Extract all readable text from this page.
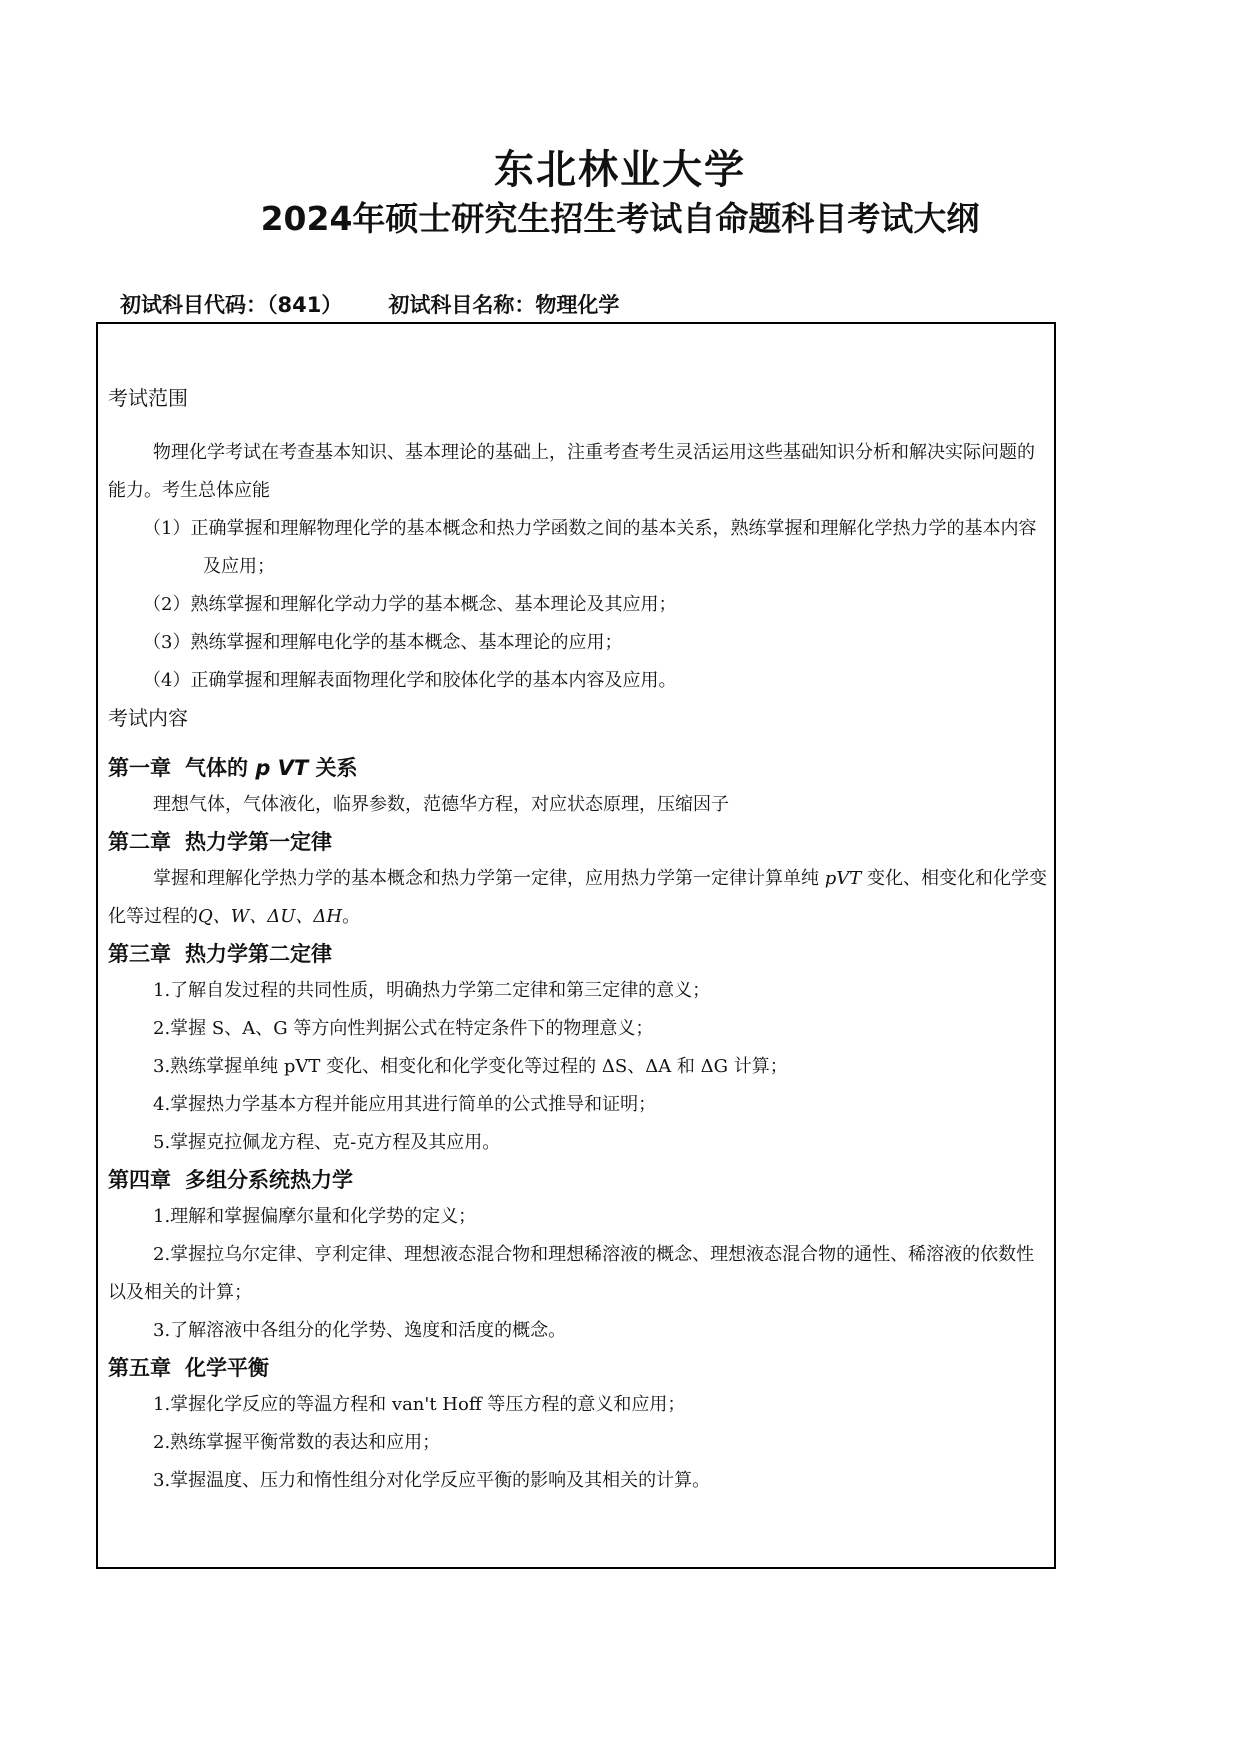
东北林业大学
2024年硕士研究生招生考试自命题科目考试大纲

初试科目代码：（841） 初试科目名称：物理化学

考试范围

物理化学考试在考查基本知识、基本理论的基础上，注重考查考生灵活运用这些基础知识分析和解决实际问题的能力。考生总体应能

（1）正确掌握和理解物理化学的基本概念和热力学函数之间的基本关系，熟练掌握和理解化学热力学的基本内容及应用；

（2）熟练掌握和理解化学动力学的基本概念、基本理论及其应用；

（3）熟练掌握和理解电化学的基本概念、基本理论的应用；

（4）正确掌握和理解表面物理化学和胶体化学的基本内容及应用。

考试内容

第一章 气体的 p VT 关系

理想气体，气体液化，临界参数，范德华方程，对应状态原理，压缩因子

第二章 热力学第一定律

掌握和理解化学热力学的基本概念和热力学第一定律，应用热力学第一定律计算单纯 pVT 变化、相变化和化学变化等过程的Q、W、ΔU、ΔH。

第三章 热力学第二定律

1.了解自发过程的共同性质，明确热力学第二定律和第三定律的意义；

2.掌握 S、A、G 等方向性判据公式在特定条件下的物理意义；

3.熟练掌握单纯 pVT 变化、相变化和化学变化等过程的 ΔS、ΔA 和 ΔG 计算；

4.掌握热力学基本方程并能应用其进行简单的公式推导和证明；

5.掌握克拉佩龙方程、克-克方程及其应用。

第四章 多组分系统热力学

1.理解和掌握偏摩尔量和化学势的定义；

2.掌握拉乌尔定律、亨利定律、理想液态混合物和理想稀溶液的概念、理想液态混合物的通性、稀溶液的依数性以及相关的计算；

3.了解溶液中各组分的化学势、逸度和活度的概念。

第五章 化学平衡

1.掌握化学反应的等温方程和 van't Hoff 等压方程的意义和应用；

2.熟练掌握平衡常数的表达和应用；

3.掌握温度、压力和惰性组分对化学反应平衡的影响及其相关的计算。
